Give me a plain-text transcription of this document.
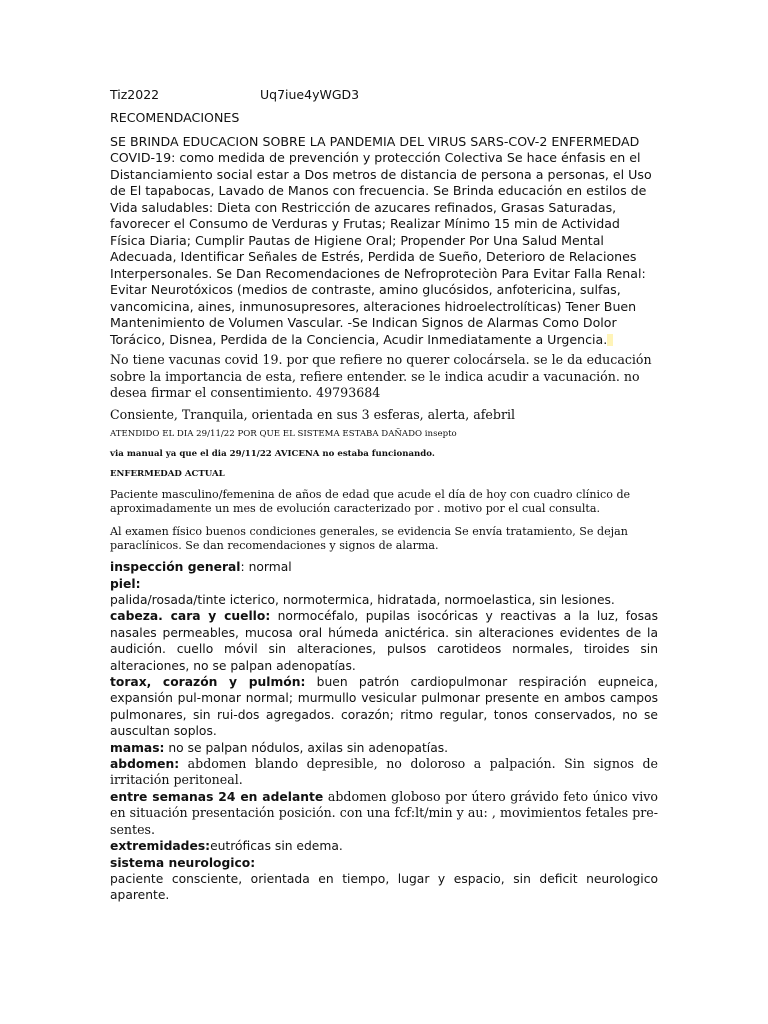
Tiz2022	Uq7iue4yWGD3

RECOMENDACIONES

SE BRINDA EDUCACION SOBRE LA PANDEMIA DEL VIRUS SARS-COV-2 ENFERMEDAD COVID-19: como medida de prevención y protección Colectiva Se hace énfasis en el Distanciamiento social estar a Dos metros de distancia de persona a personas, el Uso de El tapabocas, Lavado de Manos con frecuencia. Se Brinda educación en estilos de Vida saludables: Dieta con Restricción de azucares refinados, Grasas Saturadas, favorecer el Consumo de Verduras y Frutas; Realizar Mínimo 15 min de Actividad Física Diaria; Cumplir Pautas de Higiene Oral; Propender Por Una Salud Mental Adecuada, Identificar Señales de Estrés, Perdida de Sueño, Deterioro de Relaciones Interpersonales. Se Dan Recomendaciones de Nefroproteciòn Para Evitar Falla Renal: Evitar Neurotóxicos (medios de contraste, amino glucósidos, anfotericina, sulfas, vancomicina, aines, inmunosupresores, alteraciones hidroelectrolíticas) Tener Buen Mantenimiento de Volumen Vascular. -Se Indican Signos de Alarmas Como Dolor Torácico, Disnea, Perdida de la Conciencia, Acudir Inmediatamente a Urgencia.

No tiene vacunas covid 19. por que refiere no querer colocársela. se le da educación sobre la importancia de esta, refiere entender. se le indica acudir a vacunación. no desea firmar el consentimiento. 49793684

Consiente, Tranquila, orientada en sus 3 esferas, alerta, afebril

ATENDIDO EL DIA 29/11/22 POR QUE EL SISTEMA ESTABA DAÑADO insepto

via manual ya que el dia 29/11/22 AVICENA no estaba funcionando.

ENFERMEDAD ACTUAL

Paciente masculino/femenina de años de edad que acude el día de hoy con cuadro clínico de aproximadamente un mes de evolución caracterizado por . motivo por el cual consulta.

Al examen físico buenos condiciones generales, se evidencia Se envía tratamiento, Se dejan paraclínicos. Se dan recomendaciones y signos de alarma.

inspección general: normal

piel:

palida/rosada/tinte icterico, normotermica, hidratada, normoelastica, sin lesiones.

cabeza. cara y cuello: normocéfalo, pupilas isocóricas y reactivas a la luz, fosas nasales permeables, mucosa oral húmeda anictérica. sin alteraciones evidentes de la audición. cuello móvil sin alteraciones, pulsos carotideos normales, tiroides sin alteraciones, no se palpan adenopatías.

torax, corazón y pulmón: buen patrón cardiopulmonar respiración eupneica, expansión pul-monar normal; murmullo vesicular pulmonar presente en ambos campos pulmonares, sin rui-dos agregados. corazón; ritmo regular, tonos conservados, no se auscultan soplos.

mamas: no se palpan nódulos, axilas sin adenopatías.

abdomen: abdomen blando depresible, no doloroso a palpación. Sin signos de irritación peritoneal.

entre semanas 24 en adelante abdomen globoso por útero grávido feto único vivo en situación presentación posición. con una fcf:lt/min y au: , movimientos fetales pre-sentes.

extremidades:eutróficas sin edema.

sistema neurologico:

paciente consciente, orientada en tiempo, lugar y espacio, sin deficit neurologico aparente.
